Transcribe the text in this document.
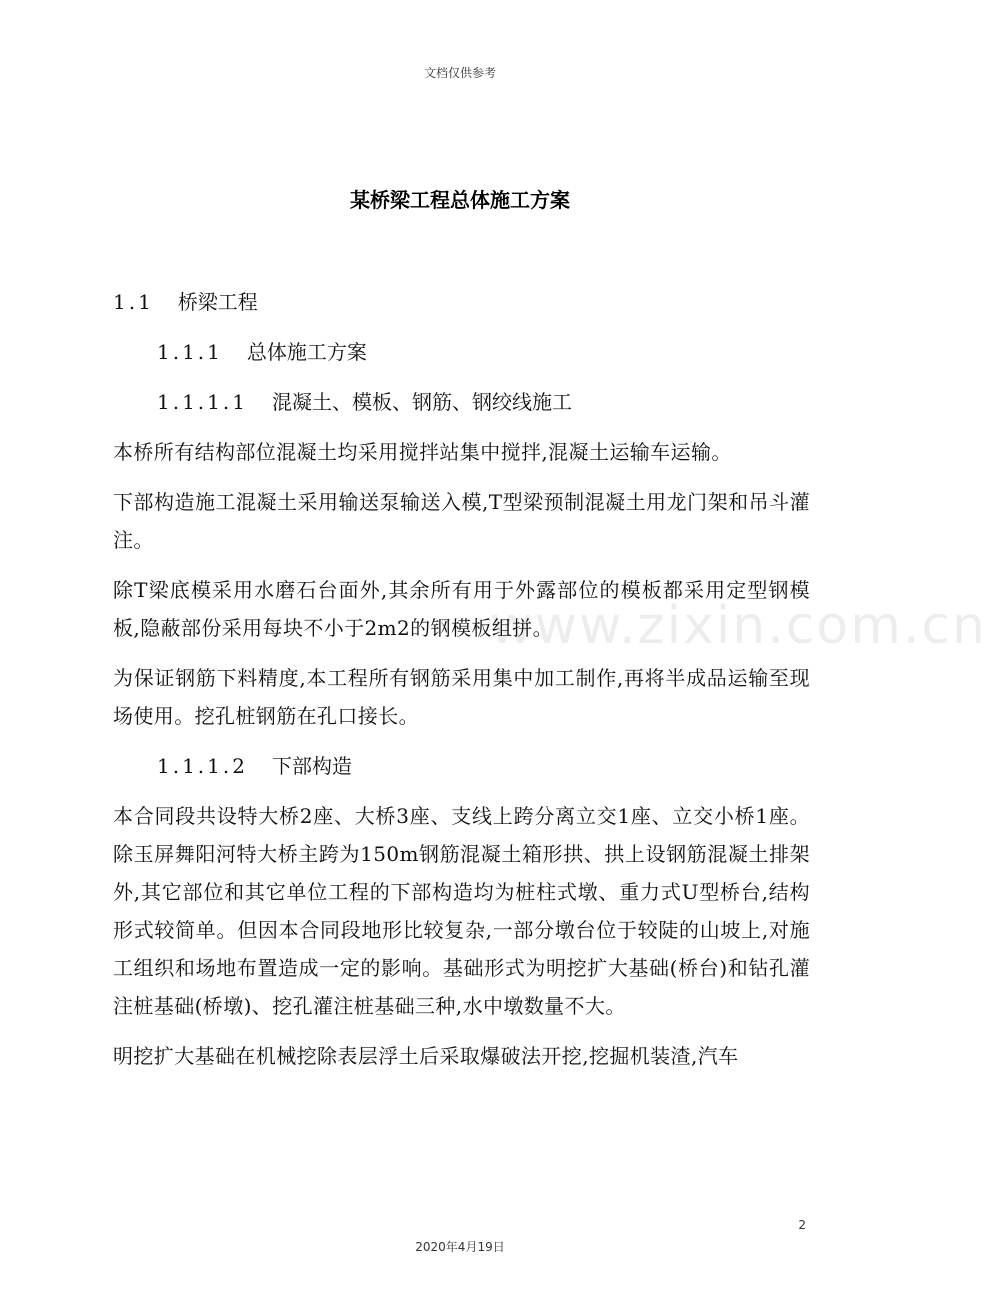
文档仅供参考
某桥梁工程总体施工方案
1.1 桥梁工程
1.1.1 总体施工方案
1.1.1.1 混凝土、模板、钢筋、钢绞线施工

本桥所有结构部位混凝土均采用搅拌站集中搅拌,混凝土运输车运输。

下部构造施工混凝土采用输送泵输送入模,T型梁预制混凝土用龙门架和吊斗灌注。

除T梁底模采用水磨石台面外,其余所有用于外露部位的模板都采用定型钢模板,隐蔽部份采用每块不小于2m2的钢模板组拼。

为保证钢筋下料精度,本工程所有钢筋采用集中加工制作,再将半成品运输至现场使用。挖孔桩钢筋在孔口接长。

1.1.1.2 下部构造

本合同段共设特大桥2座、大桥3座、支线上跨分离立交1座、立交小桥1座。除玉屏舞阳河特大桥主跨为150m钢筋混凝土箱形拱、拱上设钢筋混凝土排架外,其它部位和其它单位工程的下部构造均为桩柱式墩、重力式U型桥台,结构形式较简单。但因本合同段地形比较复杂,一部分墩台位于较陡的山坡上,对施工组织和场地布置造成一定的影响。基础形式为明挖扩大基础(桥台)和钻孔灌注桩基础(桥墩)、挖孔灌注桩基础三种,水中墩数量不大。

明挖扩大基础在机械挖除表层浮土后采取爆破法开挖,挖掘机装渣,汽车

www.zixin.com.cn
2
2020年4月19日
